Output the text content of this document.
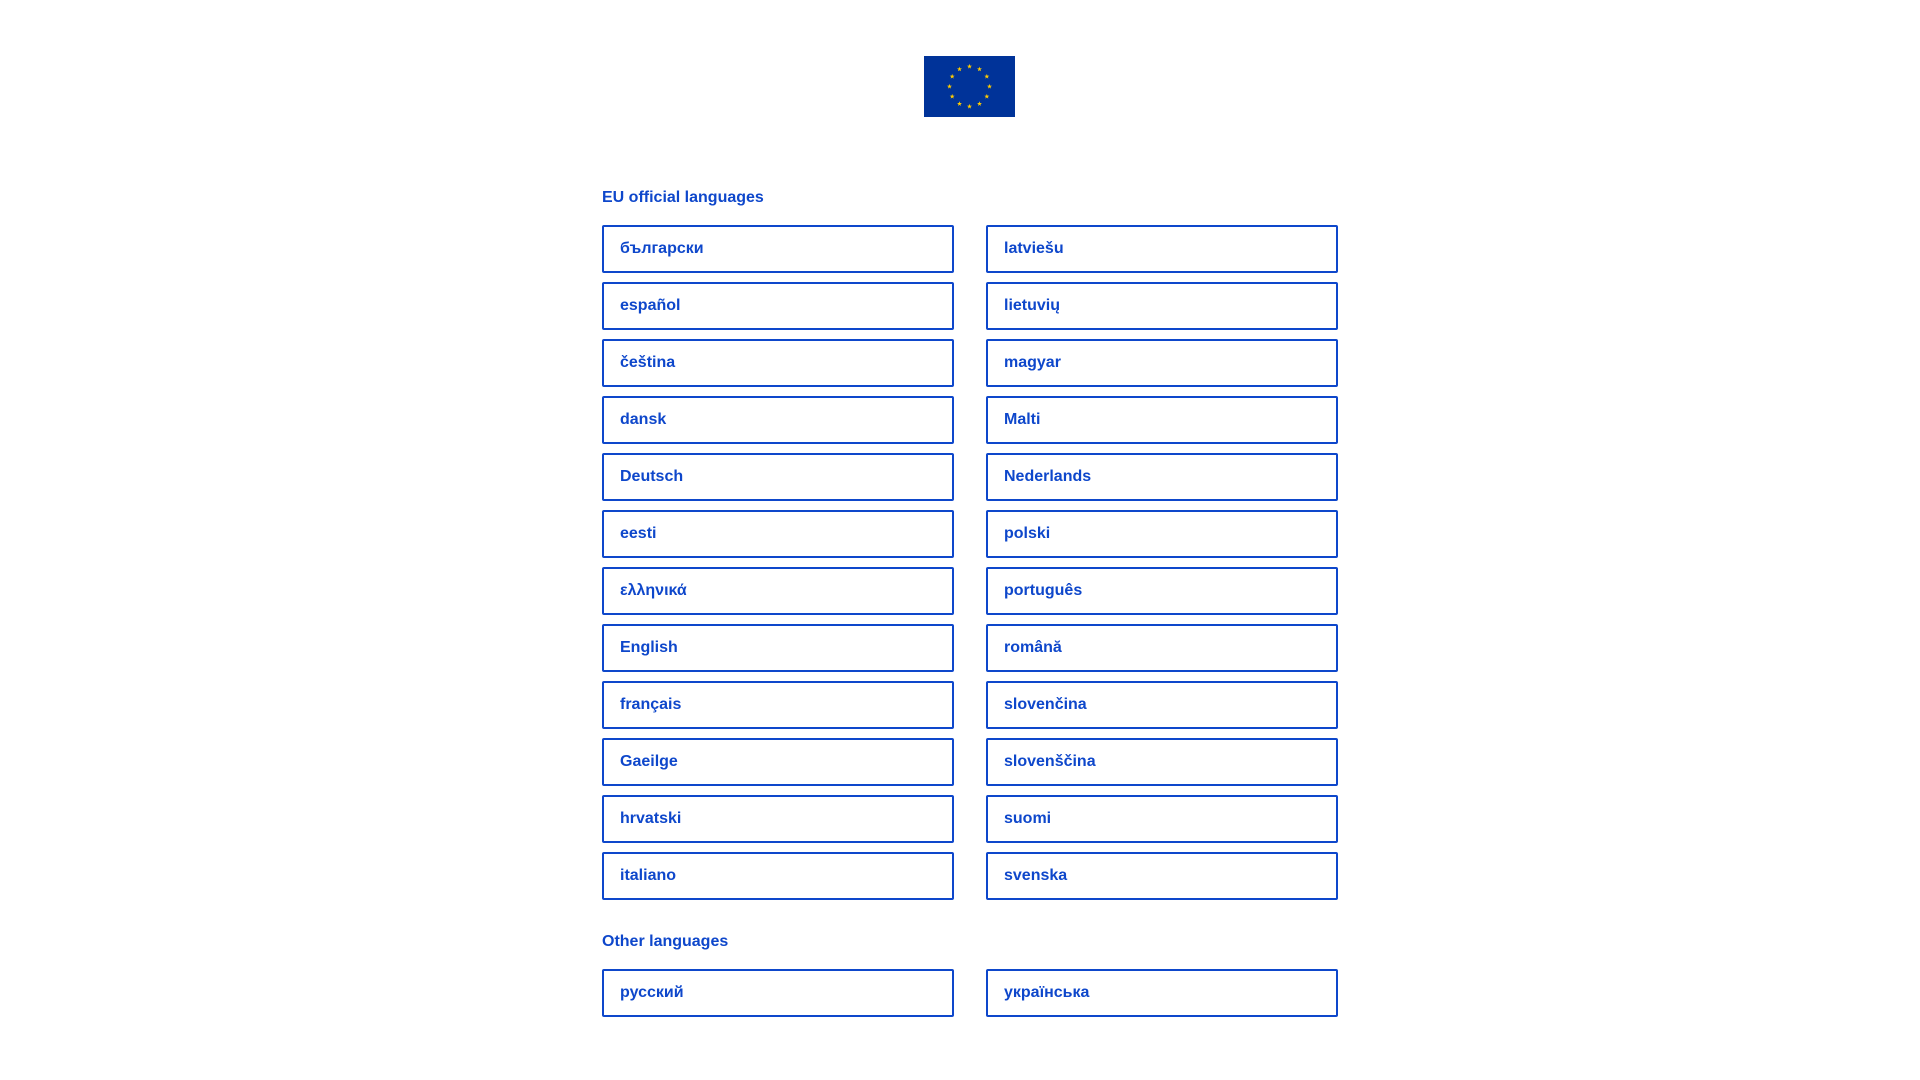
EU official languages
български	latviešu
español	lietuvių
čeština	magyar
dansk	Malti
Deutsch	Nederlands
eesti	polski
ελληνικά	português
English	română
français	slovenčina
Gaeilge	slovenščina
hrvatski	suomi
italiano	svenska
Other languages
русский	українська
